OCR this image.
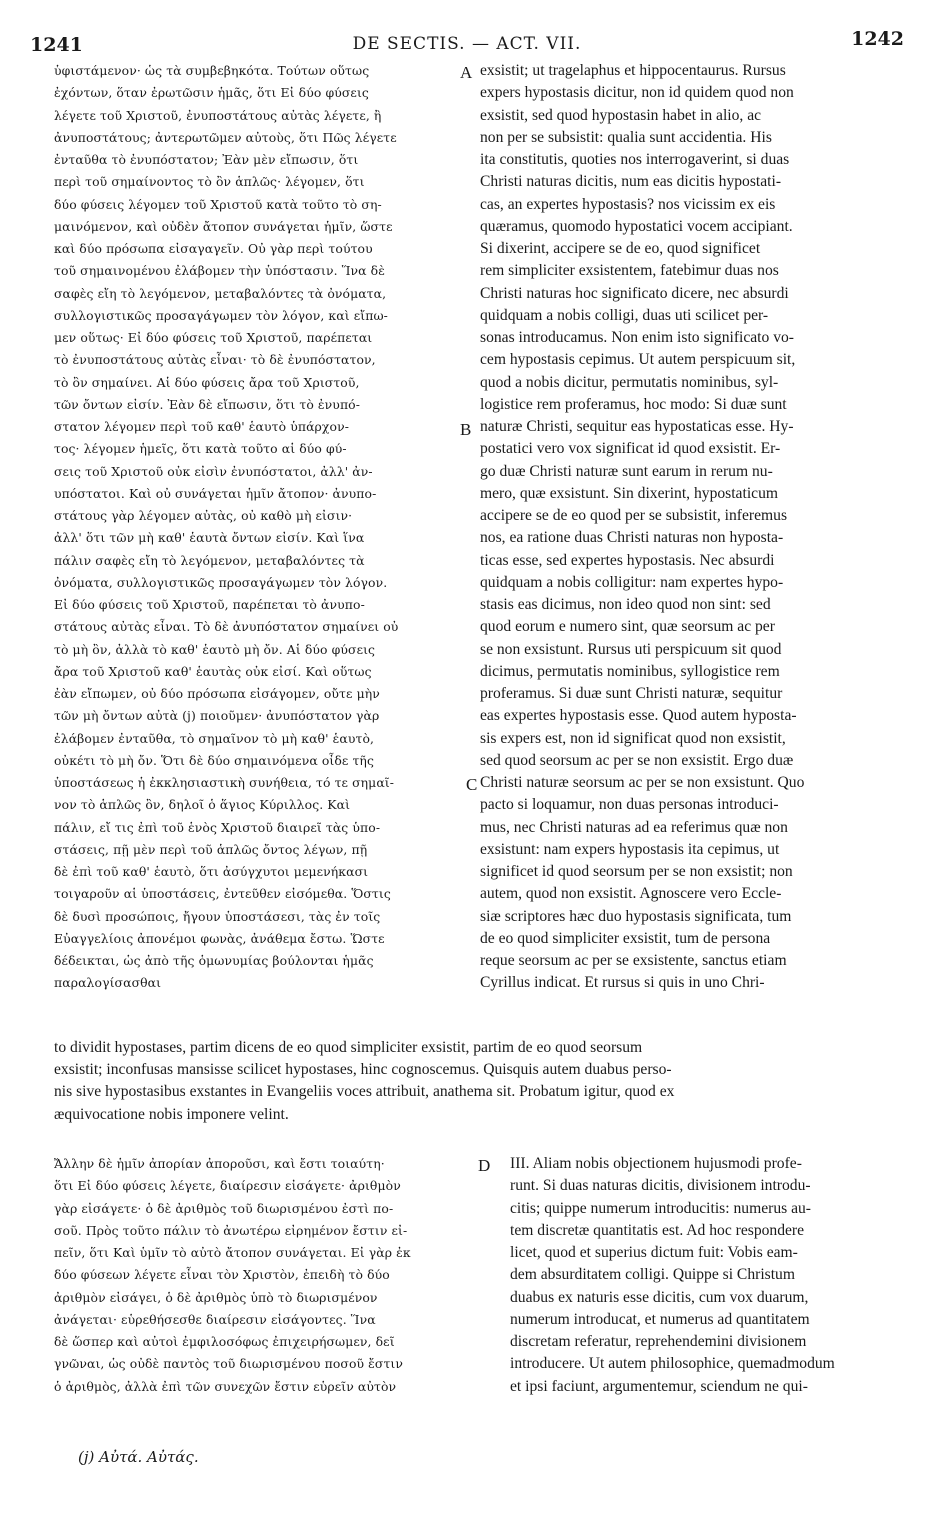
1241	DE SECTIS. — ACT. VII.	1242
A
B
C
D
ὑφιστάμενον· ὡς τὰ συμβεβηκότα. Τούτων οὕτως
ἐχόντων, ὅταν ἐρωτῶσιν ἡμᾶς, ὅτι Εἰ δύο φύσεις
λέγετε τοῦ Χριστοῦ, ἐνυποστάτους αὐτὰς λέγετε, ἢ
ἀνυποστάτους; ἀντερωτῶμεν αὐτοὺς, ὅτι Πῶς λέγετε
ἐνταῦθα τὸ ἐνυπόστατον; Ἐὰν μὲν εἴπωσιν, ὅτι
περὶ τοῦ σημαίνοντος τὸ ὂν ἁπλῶς· λέγομεν, ὅτι
δύο φύσεις λέγομεν τοῦ Χριστοῦ κατὰ τοῦτο τὸ ση-
μαινόμενον, καὶ οὐδὲν ἄτοπον συνάγεται ἡμῖν, ὥστε
καὶ δύο πρόσωπα εἰσαγαγεῖν. Οὐ γὰρ περὶ τούτου
τοῦ σημαινομένου ἐλάβομεν τὴν ὑπόστασιν. Ἵνα δὲ
σαφὲς εἴη τὸ λεγόμενον, μεταβαλόντες τὰ ὀνόματα,
συλλογιστικῶς προσαγάγωμεν τὸν λόγον, καὶ εἴπω-
μεν οὕτως· Εἰ δύο φύσεις τοῦ Χριστοῦ, παρέπεται
τὸ ἐνυποστάτους αὐτὰς εἶναι· τὸ δὲ ἐνυπόστατον,
τὸ ὂν σημαίνει. Αἱ δύο φύσεις ἄρα τοῦ Χριστοῦ,
τῶν ὄντων εἰσίν. Ἐὰν δὲ εἴπωσιν, ὅτι τὸ ἐνυπό-
στατον λέγομεν περὶ τοῦ καθ' ἑαυτὸ ὑπάρχον-
τος· λέγομεν ἡμεῖς, ὅτι κατὰ τοῦτο αἱ δύο φύ-
σεις τοῦ Χριστοῦ οὐκ εἰσὶν ἐνυπόστατοι, ἀλλ' ἀν-
υπόστατοι. Καὶ οὐ συνάγεται ἡμῖν ἄτοπον· ἀνυπο-
στάτους γὰρ λέγομεν αὐτὰς, οὐ καθὸ μὴ εἰσιν·
ἀλλ' ὅτι τῶν μὴ καθ' ἑαυτὰ ὄντων εἰσίν. Καὶ ἵνα
πάλιν σαφὲς εἴη τὸ λεγόμενον, μεταβαλόντες τὰ
ὀνόματα, συλλογιστικῶς προσαγάγωμεν τὸν λόγον.
Εἰ δύο φύσεις τοῦ Χριστοῦ, παρέπεται τὸ ἀνυπο-
στάτους αὐτὰς εἶναι. Τὸ δὲ ἀνυπόστατον σημαίνει οὐ
τὸ μὴ ὂν, ἀλλὰ τὸ καθ' ἑαυτὸ μὴ ὄν. Αἱ δύο φύσεις
ἄρα τοῦ Χριστοῦ καθ' ἑαυτὰς οὐκ εἰσί. Καὶ οὕτως
ἐὰν εἴπωμεν, οὐ δύο πρόσωπα εἰσάγομεν, οὔτε μὴν
τῶν μὴ ὄντων αὐτὰ (j) ποιοῦμεν· ἀνυπόστατον γὰρ
ἐλάβομεν ἐνταῦθα, τὸ σημαῖνον τὸ μὴ καθ' ἑαυτὸ,
οὐκέτι τὸ μὴ ὄν. Ὅτι δὲ δύο σημαινόμενα οἶδε τῆς
ὑποστάσεως ἡ ἐκκλησιαστικὴ συνήθεια, τό τε σημαῖ-
νον τὸ ἁπλῶς ὂν, δηλοῖ ὁ ἅγιος Κύριλλος. Καὶ
πάλιν, εἴ τις ἐπὶ τοῦ ἑνὸς Χριστοῦ διαιρεῖ τὰς ὑπο-
στάσεις, πῇ μὲν περὶ τοῦ ἁπλῶς ὄντος λέγων, πῇ
δὲ ἐπὶ τοῦ καθ' ἑαυτὸ, ὅτι ἀσύγχυτοι μεμενήκασι
τοιγαροῦν αἱ ὑποστάσεις, ἐντεῦθεν εἰσόμεθα. Ὅστις
δὲ δυσὶ προσώποις, ἤγουν ὑποστάσεσι, τὰς ἐν τοῖς
Εὐαγγελίοις ἀπονέμοι φωνὰς, ἀνάθεμα ἔστω. Ὥστε
δέδεικται, ὡς ἀπὸ τῆς ὁμωνυμίας βούλονται ἡμᾶς
παραλογίσασθαι
exsistit; ut tragelaphus et hippocentaurus. Rursus
expers hypostasis dicitur, non id quidem quod non
exsistit, sed quod hypostasin habet in alio, ac
non per se subsistit: qualia sunt accidentia. His
ita constitutis, quoties nos interrogaverint, si duas
Christi naturas dicitis, num eas dicitis hypostati-
cas, an expertes hypostasis? nos vicissim ex eis
quæramus, quomodo hypostatici vocem accipiant.
Si dixerint, accipere se de eo, quod significet
rem simpliciter exsistentem, fatebimur duas nos
Christi naturas hoc significato dicere, nec absurdi
quidquam a nobis colligi, duas uti scilicet per-
sonas introducamus. Non enim isto significato vo-
cem hypostasis cepimus. Ut autem perspicuum sit,
quod a nobis dicitur, permutatis nominibus, syl-
logistice rem proferamus, hoc modo: Si duæ sunt
naturæ Christi, sequitur eas hypostaticas esse. Hy-
postatici vero vox significat id quod exsistit. Er-
go duæ Christi naturæ sunt earum in rerum nu-
mero, quæ exsistunt. Sin dixerint, hypostaticum
accipere se de eo quod per se subsistit, inferemus
nos, ea ratione duas Christi naturas non hyposta-
ticas esse, sed expertes hypostasis. Nec absurdi
quidquam a nobis colligitur: nam expertes hypo-
stasis eas dicimus, non ideo quod non sint: sed
quod eorum e numero sint, quæ seorsum ac per
se non exsistunt. Rursus uti perspicuum sit quod
dicimus, permutatis nominibus, syllogistice rem
proferamus. Si duæ sunt Christi naturæ, sequitur
eas expertes hypostasis esse. Quod autem hyposta-
sis expers est, non id significat quod non exsistit,
sed quod seorsum ac per se non exsistit. Ergo duæ
Christi naturæ seorsum ac per se non exsistunt. Quo
pacto si loquamur, non duas personas introduci-
mus, nec Christi naturas ad ea referimus quæ non
exsistunt: nam expers hypostasis ita cepimus, ut
significet id quod seorsum per se non exsistit; non
autem, quod non exsistit. Agnoscere vero Eccle-
siæ scriptores hæc duo hypostasis significata, tum
de eo quod simpliciter exsistit, tum de persona
reque seorsum ac per se exsistente, sanctus etiam
Cyrillus indicat. Et rursus si quis in uno Chri-
to dividit hypostases, partim dicens de eo quod simpliciter exsistit, partim de eo quod seorsum
exsistit; inconfusas mansisse scilicet hypostases, hinc cognoscemus. Quisquis autem duabus perso-
nis sive hypostasibus exstantes in Evangeliis voces attribuit, anathema sit. Probatum igitur, quod ex
æquivocatione nobis imponere velint.
Ἄλλην δὲ ἡμῖν ἀπορίαν ἀποροῦσι, καὶ ἔστι τοιαύτη·
ὅτι Εἰ δύο φύσεις λέγετε, διαίρεσιν εἰσάγετε· ἀριθμὸν
γὰρ εἰσάγετε· ὁ δὲ ἀριθμὸς τοῦ διωρισμένου ἐστὶ πο-
σοῦ. Πρὸς τοῦτο πάλιν τὸ ἀνωτέρω εἰρημένον ἔστιν εἰ-
πεῖν, ὅτι Καὶ ὑμῖν τὸ αὐτὸ ἄτοπον συνάγεται. Εἰ γὰρ ἐκ
δύο φύσεων λέγετε εἶναι τὸν Χριστὸν, ἐπειδὴ τὸ δύο
ἀριθμὸν εἰσάγει, ὁ δὲ ἀριθμὸς ὑπὸ τὸ διωρισμένον
ἀνάγεται· εὑρεθήσεσθε διαίρεσιν εἰσάγοντες. Ἵνα
δὲ ὥσπερ καὶ αὐτοὶ ἐμφιλοσόφως ἐπιχειρήσωμεν, δεῖ
γνῶναι, ὡς οὐδὲ παντὸς τοῦ διωρισμένου ποσοῦ ἔστιν
ὁ ἀριθμὸς, ἀλλὰ ἐπὶ τῶν συνεχῶν ἔστιν εὑρεῖν αὐτὸν
III. Aliam nobis objectionem hujusmodi profe-
runt. Si duas naturas dicitis, divisionem introdu-
citis; quippe numerum introducitis: numerus au-
tem discretæ quantitatis est. Ad hoc respondere
licet, quod et superius dictum fuit: Vobis eam-
dem absurditatem colligi. Quippe si Christum
duabus ex naturis esse dicitis, cum vox duarum,
numerum introducat, et numerus ad quantitatem
discretam referatur, reprehendemini divisionem
introducere. Ut autem philosophice, quemadmodum
et ipsi faciunt, argumentemur, sciendum ne qui-
(j) Αὐτά. Αὐτάς.
